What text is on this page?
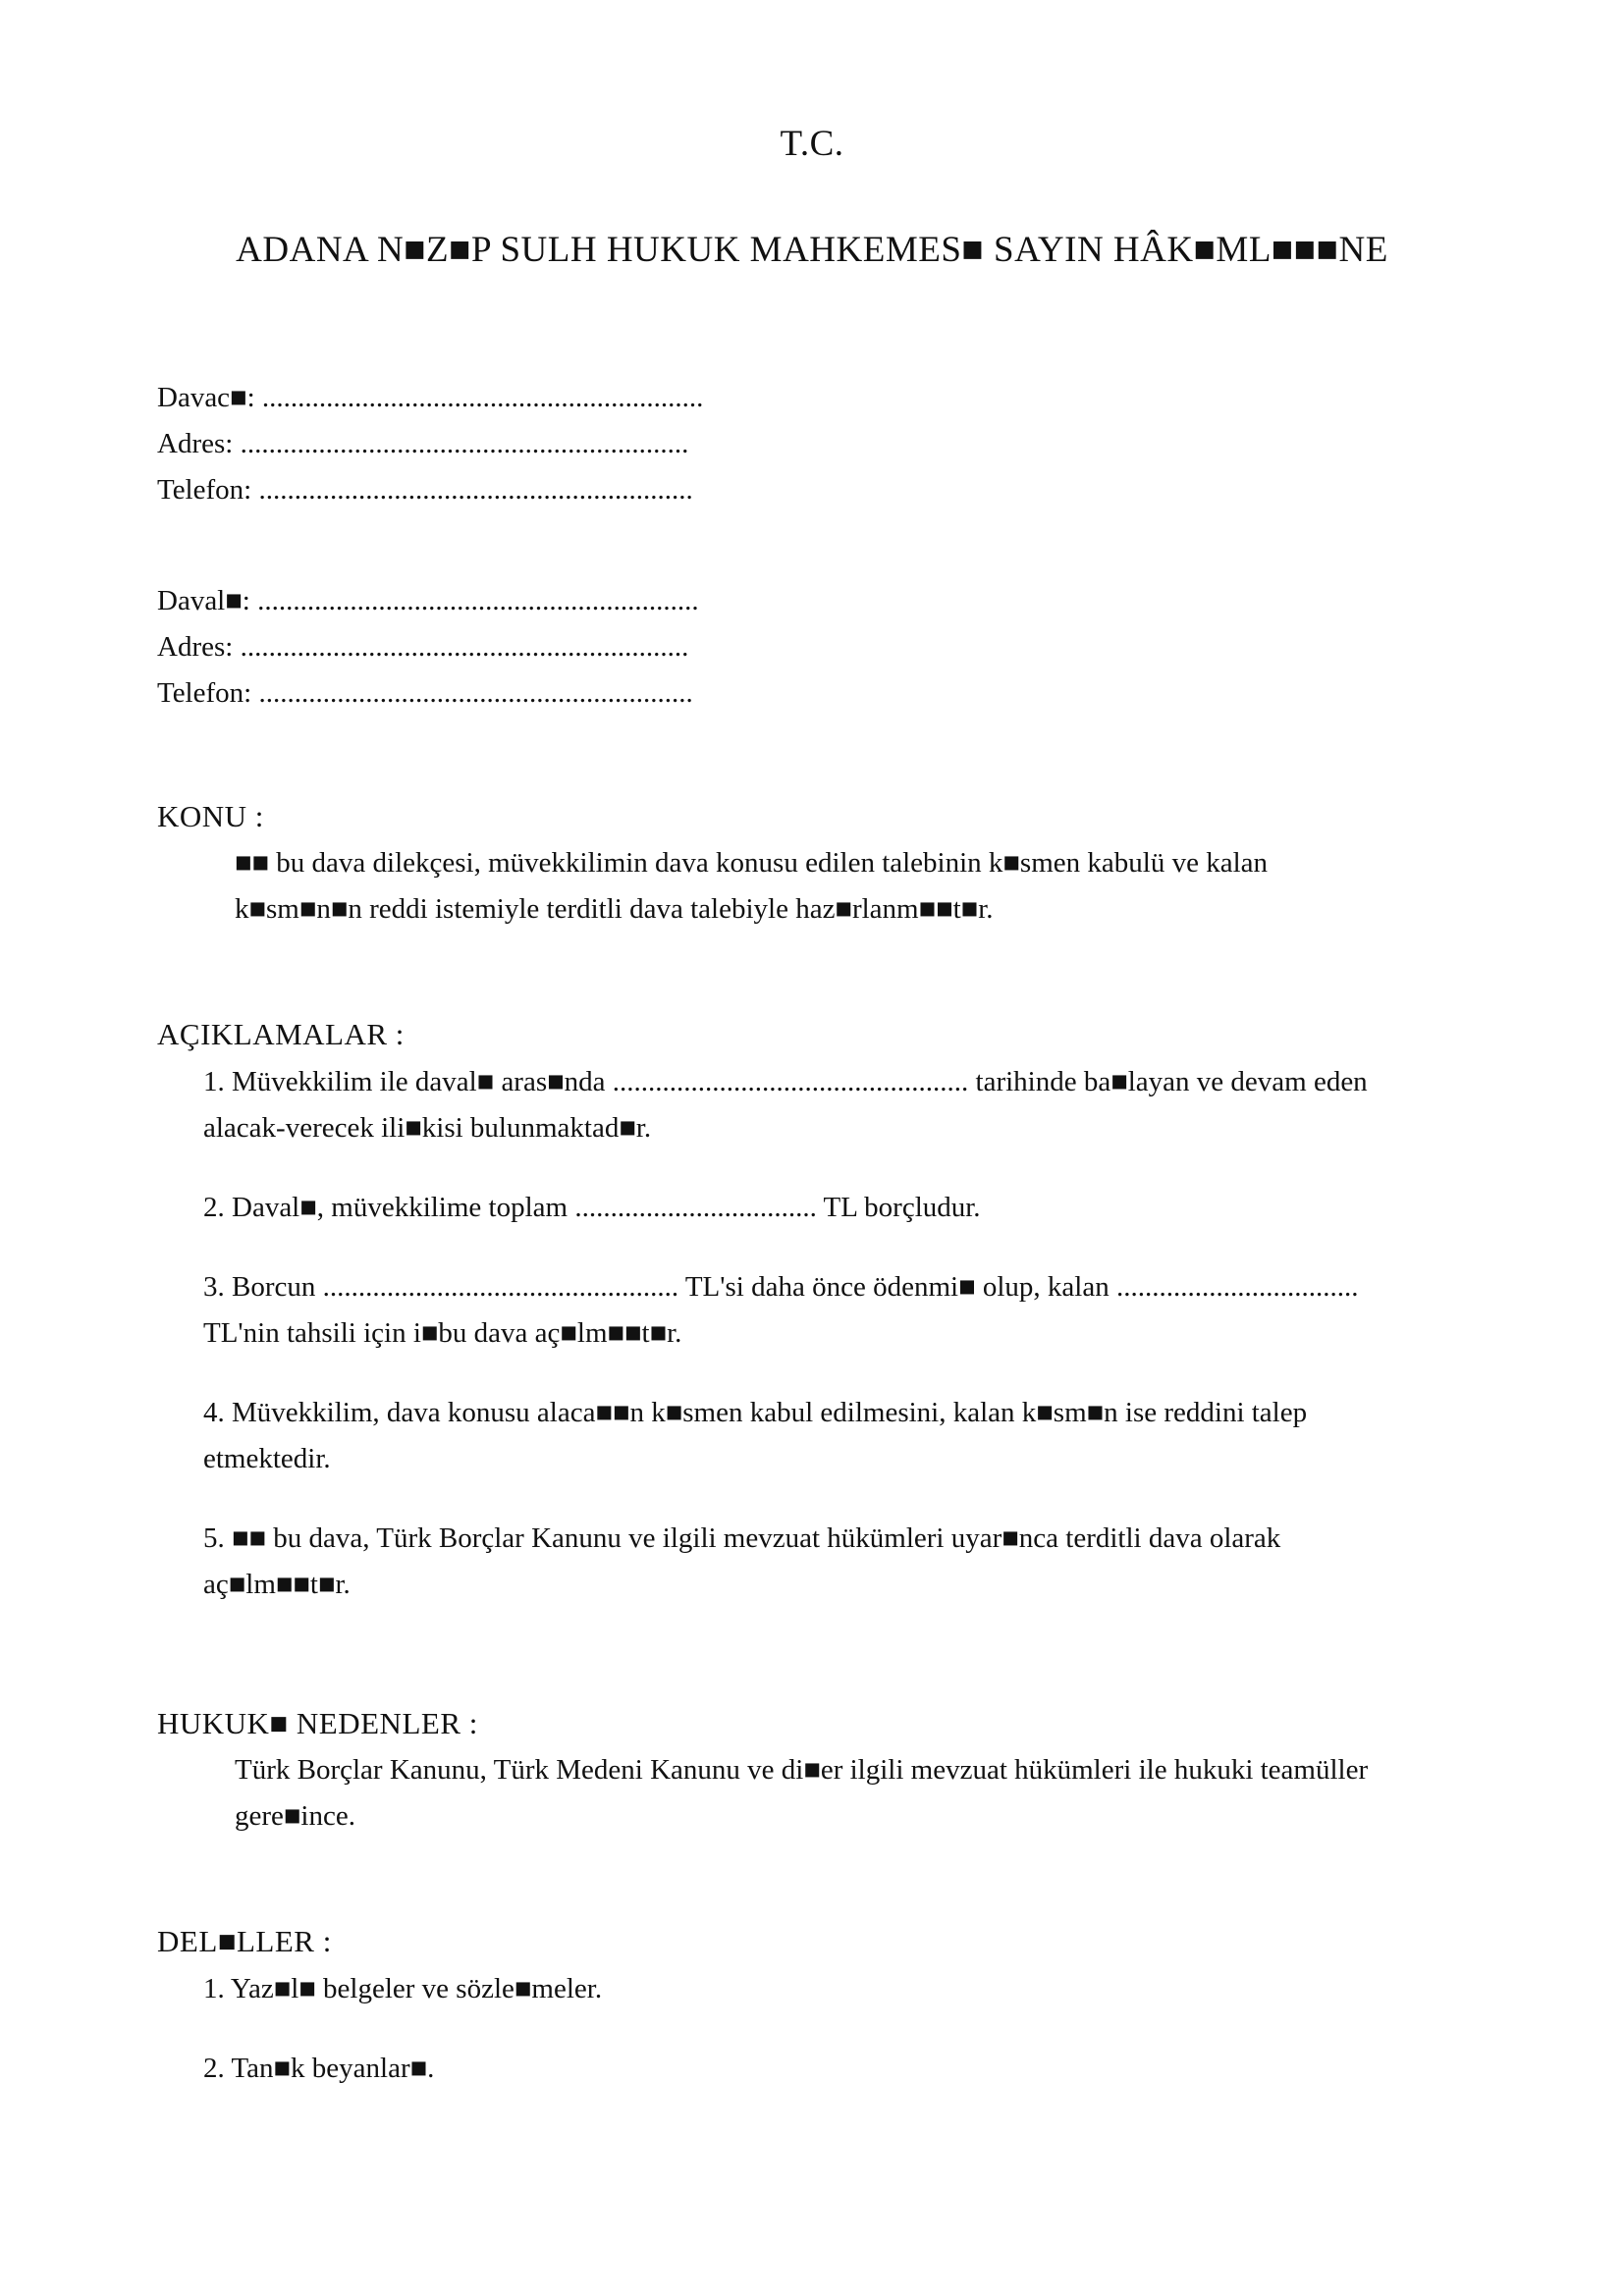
T.C.
ADANA N■Z■P SULH HUKUK MAHKEMES■ SAYIN HÂK■ML■■■NE
Davac■: ..............................................................
Adres: ...............................................................
Telefon: .............................................................
Daval■: ..............................................................
Adres: ...............................................................
Telefon: .............................................................
KONU :
■■ bu dava dilekçesi, müvekkilimin dava konusu edilen talebinin k■smen kabulü ve kalan
k■sm■n■n reddi istemiyle terditli dava talebiyle haz■rlanm■■t■r.
AÇIKLAMALAR :
1. Müvekkilim ile daval■ aras■nda .................................................. tarihinde ba■layan ve devam eden
alacak-verecek ili■kisi bulunmaktad■r.
2. Daval■, müvekkilime toplam .................................. TL borçludur.
3. Borcun .................................................. TL'si daha önce ödenmi■ olup, kalan ..................................
TL'nin tahsili için i■bu dava aç■lm■■t■r.
4. Müvekkilim, dava konusu alaca■■n k■smen kabul edilmesini, kalan k■sm■n ise reddini talep
etmektedir.
5. ■■ bu dava, Türk Borçlar Kanunu ve ilgili mevzuat hükümleri uyar■nca terditli dava olarak
aç■lm■■t■r.
HUKUK■ NEDENLER :
Türk Borçlar Kanunu, Türk Medeni Kanunu ve di■er ilgili mevzuat hükümleri ile hukuki teamüller
gere■ince.
DEL■LLER :
1. Yaz■l■ belgeler ve sözle■meler.
2. Tan■k beyanlar■.
